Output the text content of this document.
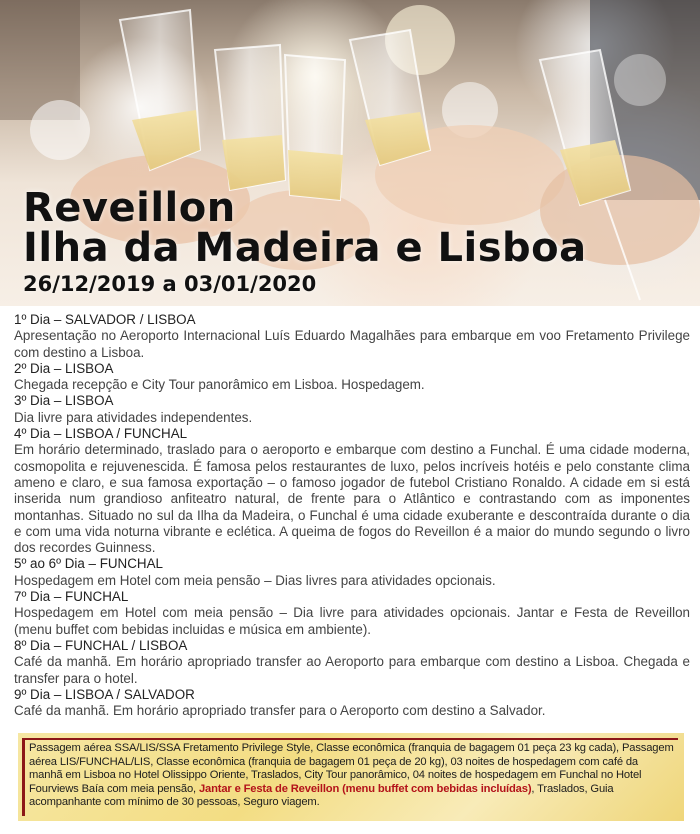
Reveillon
Ilha da Madeira e Lisboa
26/12/2019 a 03/01/2020

1º Dia – SALVADOR / LISBOA

Apresentação no Aeroporto Internacional Luís Eduardo Magalhães para embarque em voo Fretamento Privilege com destino a Lisboa.

2º Dia – LISBOA

Chegada recepção e City Tour panorâmico em Lisboa. Hospedagem.

3º Dia – LISBOA

Dia livre para atividades independentes.

4º Dia – LISBOA / FUNCHAL

Em horário determinado, traslado para o aeroporto e embarque com destino a Funchal. É uma cidade moderna, cosmopolita e rejuvenescida. É famosa pelos restaurantes de luxo, pelos incríveis hotéis e pelo constante clima ameno e claro, e sua famosa exportação – o famoso jogador de futebol Cristiano Ronaldo. A cidade em si está inserida num grandioso anfiteatro natural, de frente para o Atlântico e contrastando com as imponentes montanhas. Situado no sul da Ilha da Madeira, o Funchal é uma cidade exuberante e descontraída durante o dia e com uma vida noturna vibrante e eclética. A queima de fogos do Reveillon é a maior do mundo segundo o livro dos recordes Guinness.

5º ao 6º Dia – FUNCHAL

Hospedagem em Hotel com meia pensão – Dias livres para atividades opcionais.

7º Dia – FUNCHAL

Hospedagem em Hotel com meia pensão – Dia livre para atividades opcionais. Jantar e Festa de Reveillon (menu buffet com bebidas incluidas e música em ambiente).

8º Dia – FUNCHAL / LISBOA

Café da manhã. Em horário apropriado transfer ao Aeroporto para embarque com destino a Lisboa. Chegada e transfer para o hotel.

9º Dia – LISBOA / SALVADOR

Café da manhã. Em horário apropriado transfer para o Aeroporto com destino a Salvador.

Passagem aérea SSA/LIS/SSA Fretamento Privilege Style, Classe econômica (franquia de bagagem 01 peça 23 kg cada), Passagem aérea LIS/FUNCHAL/LIS, Classe econômica (franquia de bagagem 01 peça de 20 kg), 03 noites de hospedagem com café da manhã em Lisboa no Hotel Olissippo Oriente, Traslados, City Tour panorâmico, 04 noites de hospedagem em Funchal no Hotel Fourviews Baía com meia pensão, Jantar e Festa de Reveillon (menu buffet com bebidas incluídas), Traslados, Guia acompanhante com mínimo de 30 pessoas, Seguro viagem.
